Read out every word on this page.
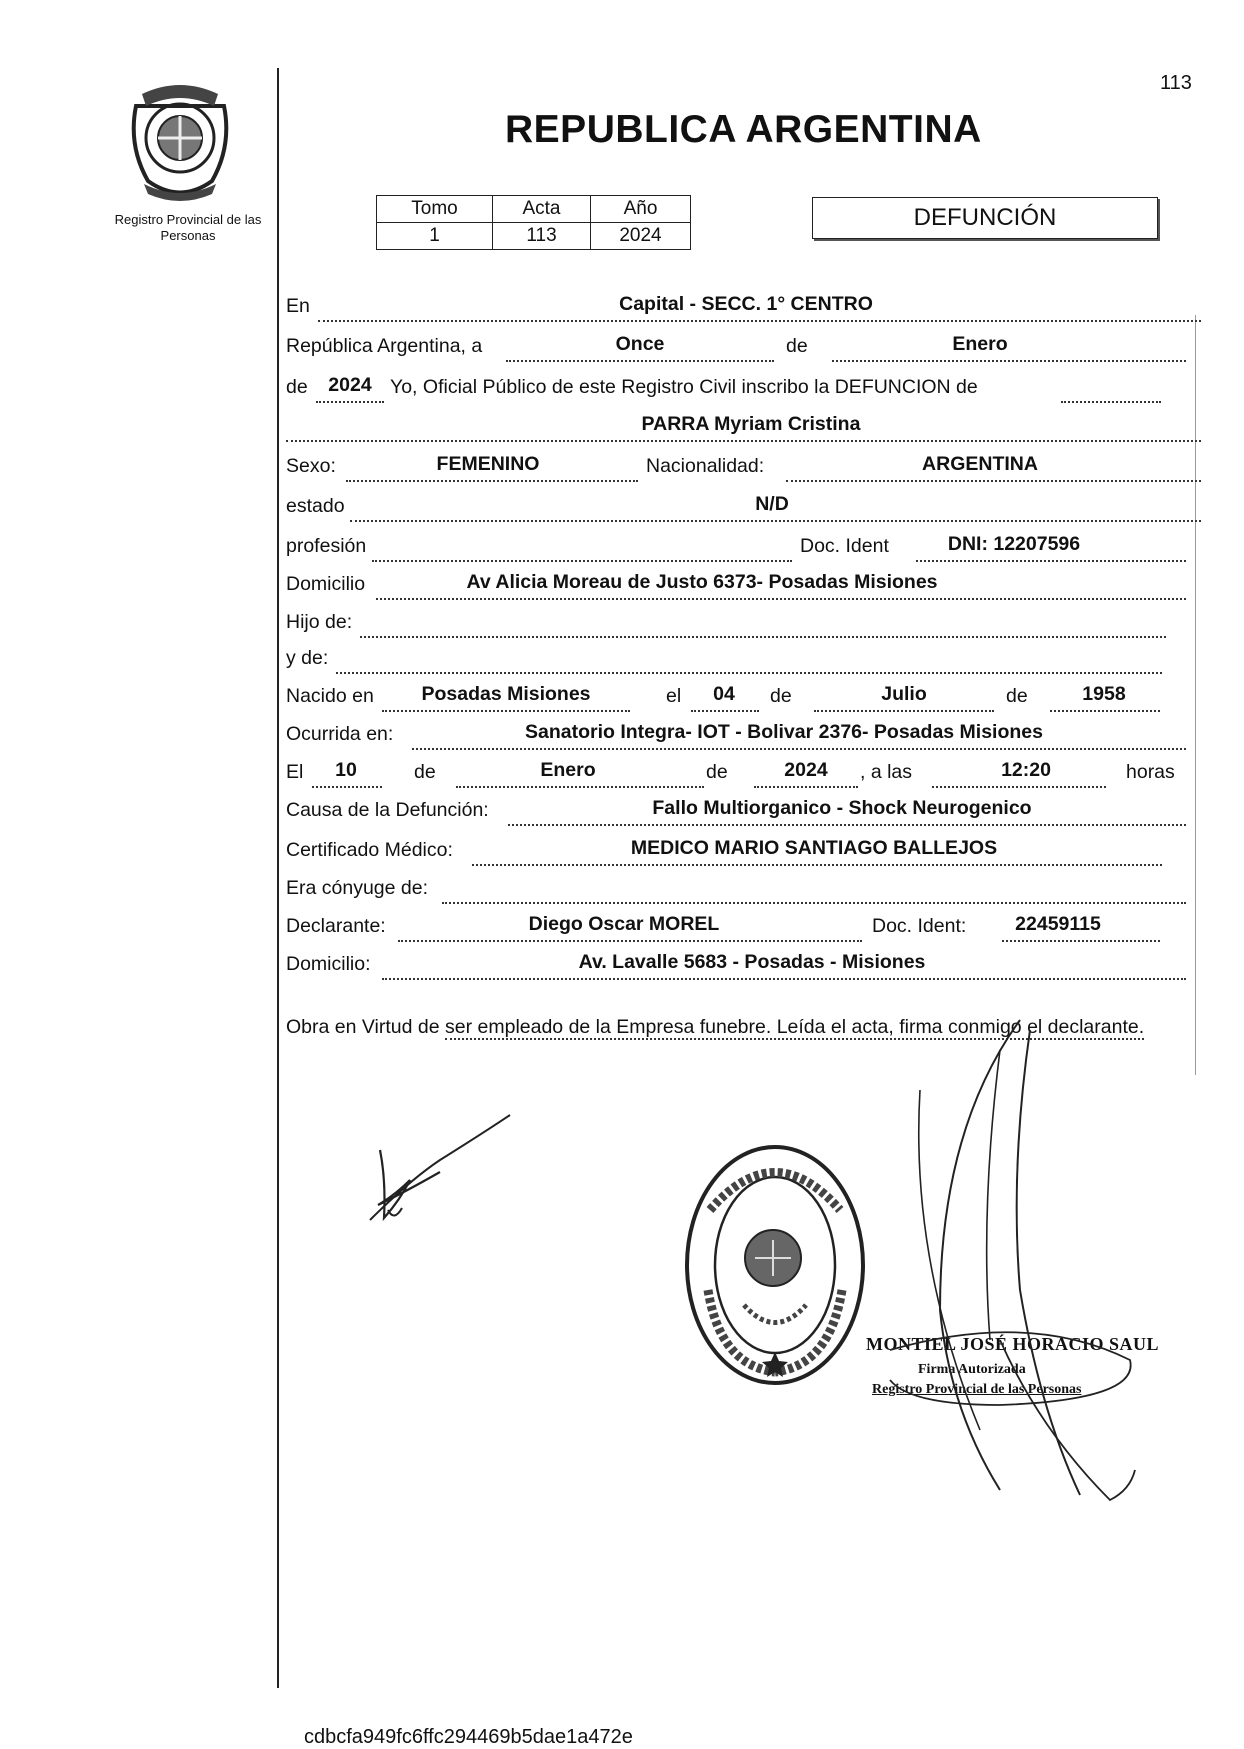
113
Registro Provincial de las Personas
REPUBLICA ARGENTINA
Tomo	Acta	Año
1	113	2024
DEFUNCIÓN
En	Capital - SECC. 1° CENTRO
República Argentina, a	Once	de	Enero
de 2024 Yo, Oficial Público de este Registro Civil inscribo la DEFUNCION de
PARRA Myriam Cristina
Sexo:	FEMENINO	Nacionalidad:	ARGENTINA
estado	N/D
profesión	Doc. Ident	DNI: 12207596
Domicilio	Av Alicia Moreau de Justo 6373- Posadas Misiones
Hijo de:
y de:
Nacido en Posadas Misiones	el 04 de	Julio	de	1958
Ocurrida en:	Sanatorio Integra- IOT - Bolivar 2376- Posadas Misiones
El 10	de	Enero	de	2024 , a las	12:20	horas
Causa de la Defunción:	Fallo Multiorganico - Shock Neurogenico
Certificado Médico:	MEDICO MARIO SANTIAGO BALLEJOS
Era cónyuge de:
Declarante:	Diego Oscar MOREL	Doc. Ident:	22459115
Domicilio:	Av. Lavalle 5683 - Posadas - Misiones
Obra en Virtud de ser empleado de la Empresa funebre. Leída el acta, firma conmigo el declarante.
MONTIEL JOSÉ HORACIO SAUL
Firma Autorizada
Registro Provincial de las Personas
cdbcfa949fc6ffc294469b5dae1a472e
